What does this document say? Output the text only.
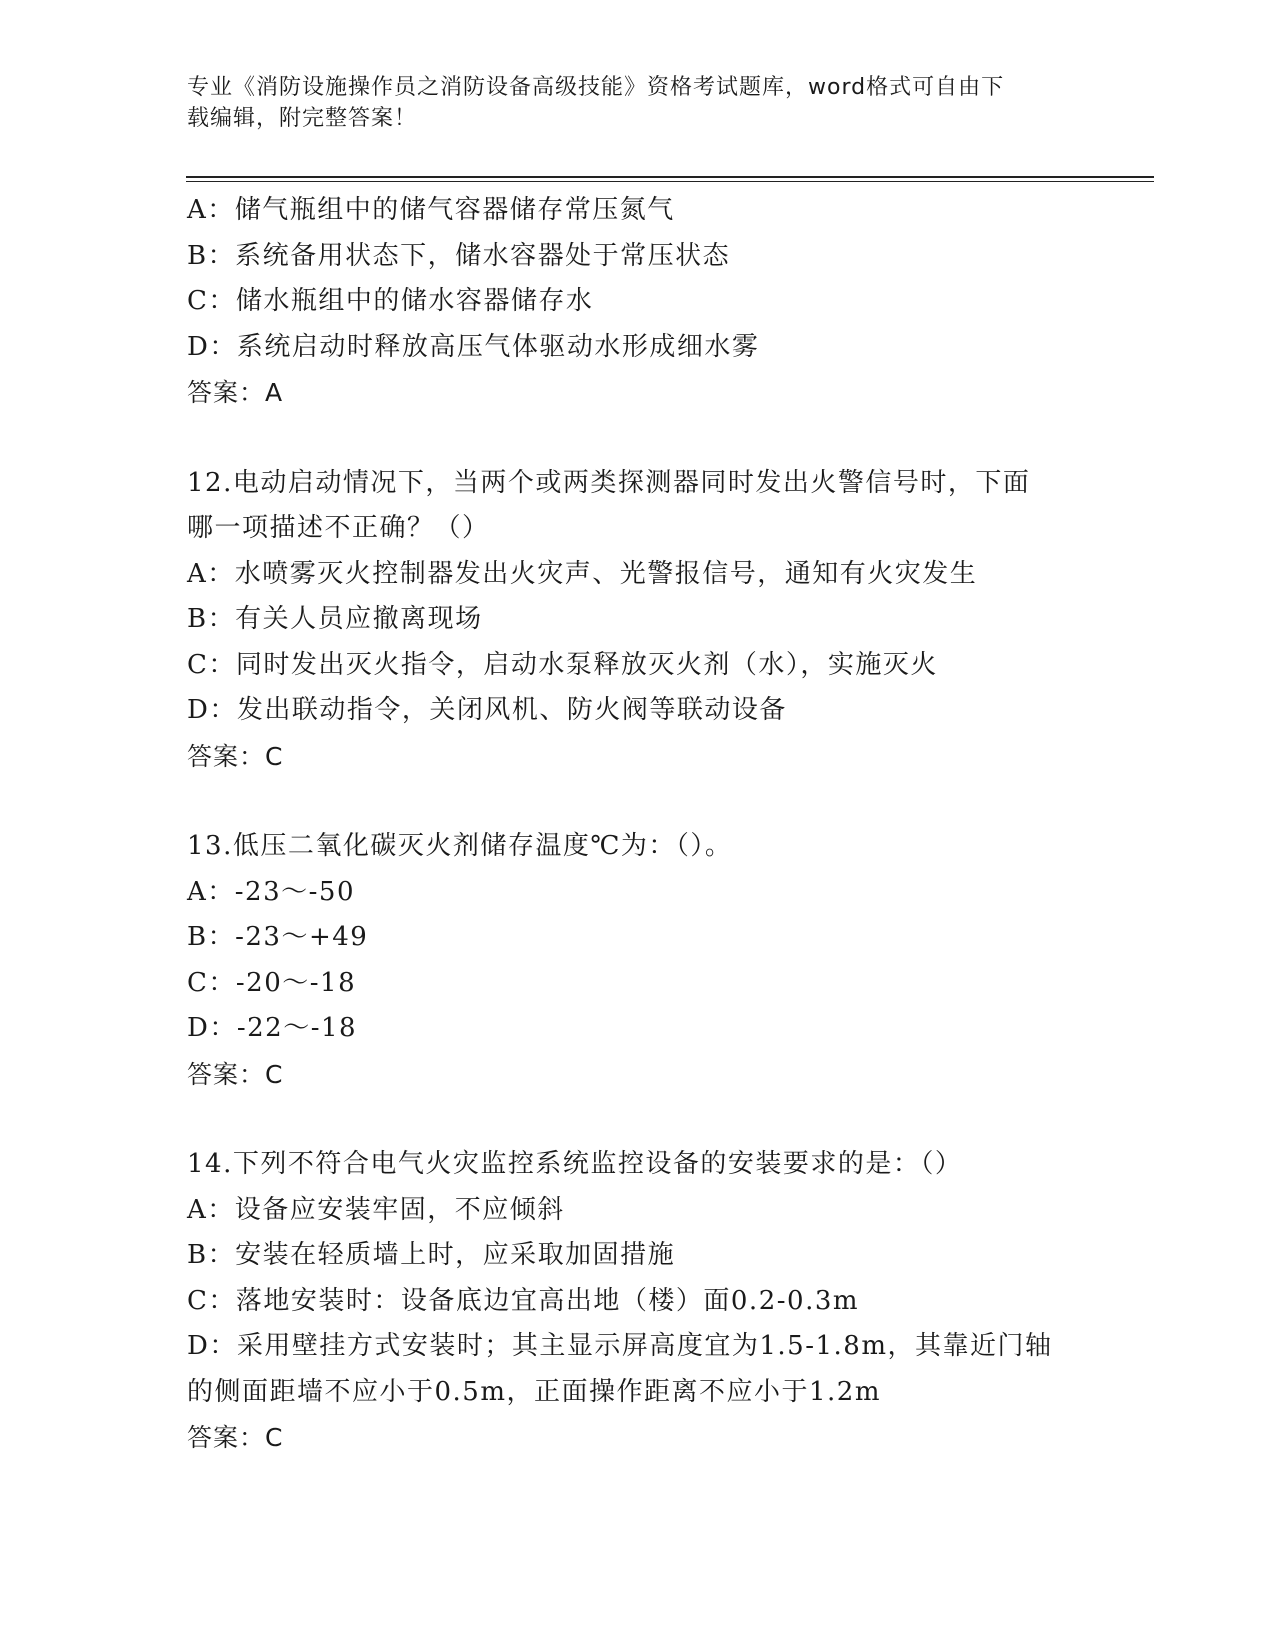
专业《消防设施操作员之消防设备高级技能》资格考试题库，word格式可自由下
载编辑，附完整答案！
A：储气瓶组中的储气容器储存常压氮气
B：系统备用状态下，储水容器处于常压状态
C：储水瓶组中的储水容器储存水
D：系统启动时释放高压气体驱动水形成细水雾
答案：A
12.电动启动情况下，当两个或两类探测器同时发出火警信号时，下面
哪一项描述不正确？（）
A：水喷雾灭火控制器发出火灾声、光警报信号，通知有火灾发生
B：有关人员应撤离现场
C：同时发出灭火指令，启动水泵释放灭火剂（水），实施灭火
D：发出联动指令，关闭风机、防火阀等联动设备
答案：C
13.低压二氧化碳灭火剂储存温度℃为：（）。
A：-23～-50
B：-23～+49
C：-20～-18
D：-22～-18
答案：C
14.下列不符合电气火灾监控系统监控设备的安装要求的是：（）
A：设备应安装牢固，不应倾斜
B：安装在轻质墙上时，应采取加固措施
C：落地安装时：设备底边宜高出地（楼）面0.2-0.3m
D：采用壁挂方式安装时；其主显示屏高度宜为1.5-1.8m，其靠近门轴
的侧面距墙不应小于0.5m，正面操作距离不应小于1.2m
答案：C
